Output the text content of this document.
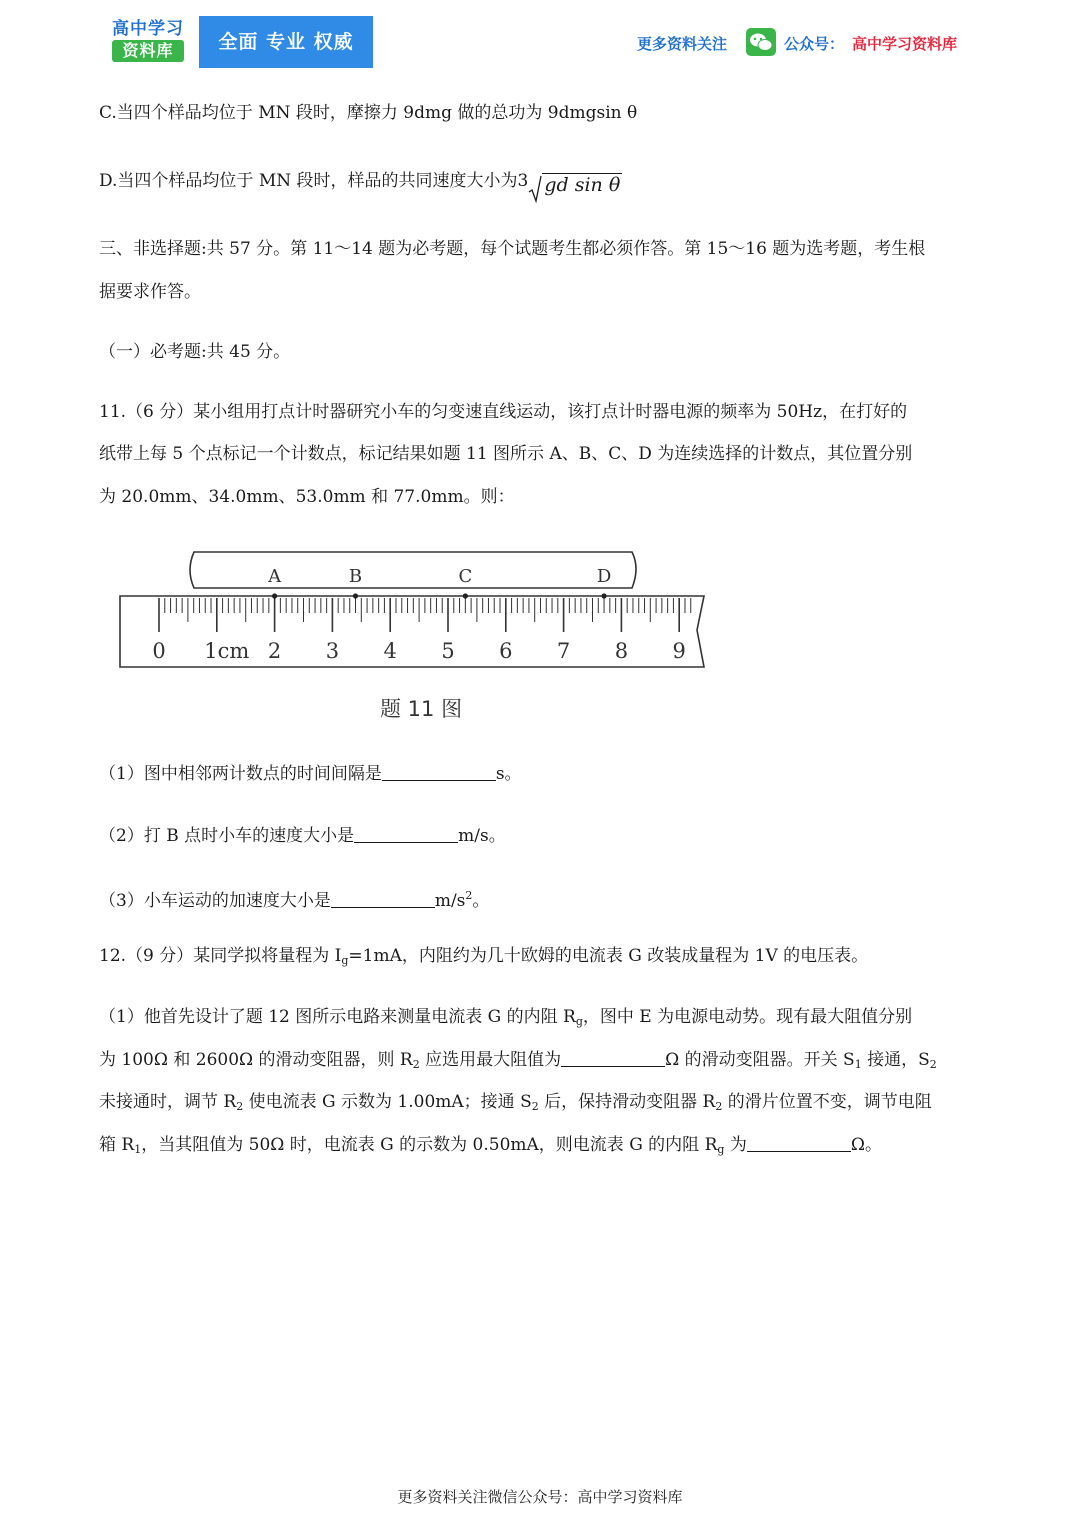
高中学习
资料库	全面 专业 权威	更多资料关注	公众号： 高中学习资料库
C.当四个样品均位于 MN 段时，摩擦力 9dmg 做的总功为 9dmgsin θ
D.当四个样品均位于 MN 段时，样品的共同速度大小为3 gd sin θ
三、非选择题:共 57 分。第 11～14 题为必考题，每个试题考生都必须作答。第 15～16 题为选考题，考生根
据要求作答。
（一）必考题:共 45 分。
11.（6 分）某小组用打点计时器研究小车的匀变速直线运动，该打点计时器电源的频率为 50Hz，在打好的
纸带上每 5 个点标记一个计数点，标记结果如题 11 图所示 A、B、C、D 为连续选择的计数点，其位置分别
为 20.0mm、34.0mm、53.0mm 和 77.0mm。则：
A	B	C	D
0 1cm 2 3 4 5 6 7 8 9
题 11 图
（1）图中相邻两计数点的时间间隔是	s。
（2）打 B 点时小车的速度大小是	m/s。
（3）小车运动的加速度大小是	$m/s^2$。
12.（9 分）某同学拟将量程为 $I_g=1mA$，内阻约为几十欧姆的电流表 G 改装成量程为 1V 的电压表。
（1）他首先设计了题 12 图所示电路来测量电流表 G 的内阻 $R_g$，图中 E 为电源电动势。现有最大阻值分别
为 100Ω 和 2600Ω 的滑动变阻器，则 $R_2$ 应选用最大阻值为	Ω 的滑动变阻器。开关 $S_1$ 接通，$S_2$
未接通时，调节 $R_2$ 使电流表 G 示数为 1.00mA；接通 $S_2$ 后，保持滑动变阻器 $R_2$ 的滑片位置不变，调节电阻
箱 $R_1$，当其阻值为 50Ω 时，电流表 G 的示数为 0.50mA，则电流表 G 的内阻 $R_g$ 为	Ω。
更多资料关注微信公众号：高中学习资料库
